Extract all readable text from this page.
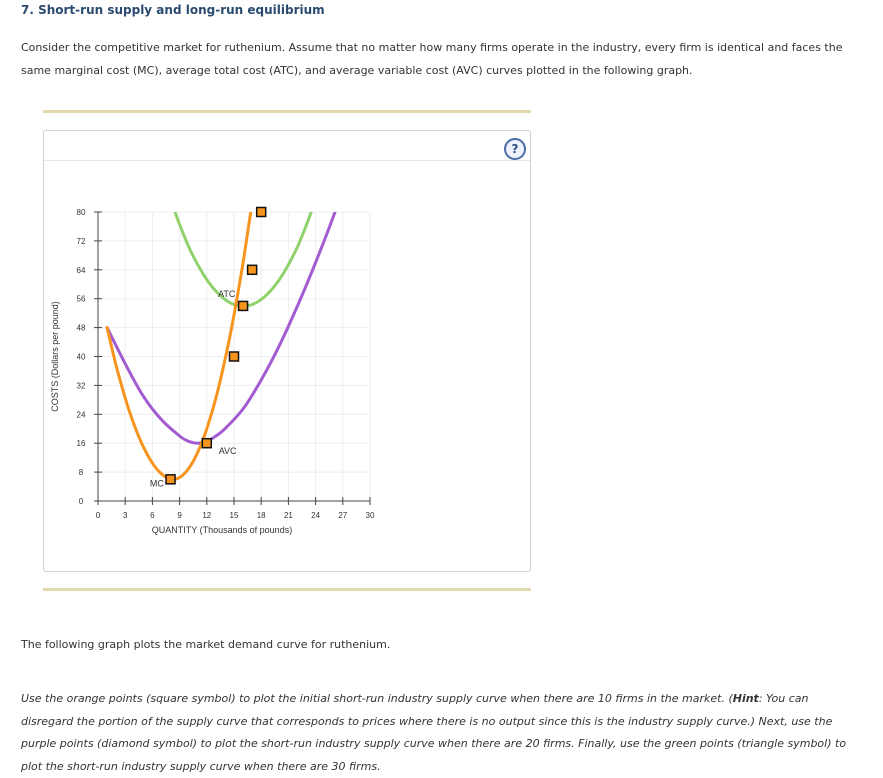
7. Short-run supply and long-run equilibrium

Consider the competitive market for ruthenium. Assume that no matter how many firms operate in the industry, every firm is identical and faces the same marginal cost (MC), average total cost (ATC), and average variable cost (AVC) curves plotted in the following graph.

?
0	3	6	9	12 15 18 21 24 27 30
0
8
16
24
32
40
48
56
64
72
80
QUANTITY (Thousands of pounds)
COSTS (Dollars per pound)
MC
ATC
AVC

The following graph plots the market demand curve for ruthenium.

Use the orange points (square symbol) to plot the initial short-run industry supply curve when there are 10 firms in the market. (Hint: You can disregard the portion of the supply curve that corresponds to prices where there is no output since this is the industry supply curve.) Next, use the purple points (diamond symbol) to plot the short-run industry supply curve when there are 20 firms. Finally, use the green points (triangle symbol) to plot the short-run industry supply curve when there are 30 firms.
